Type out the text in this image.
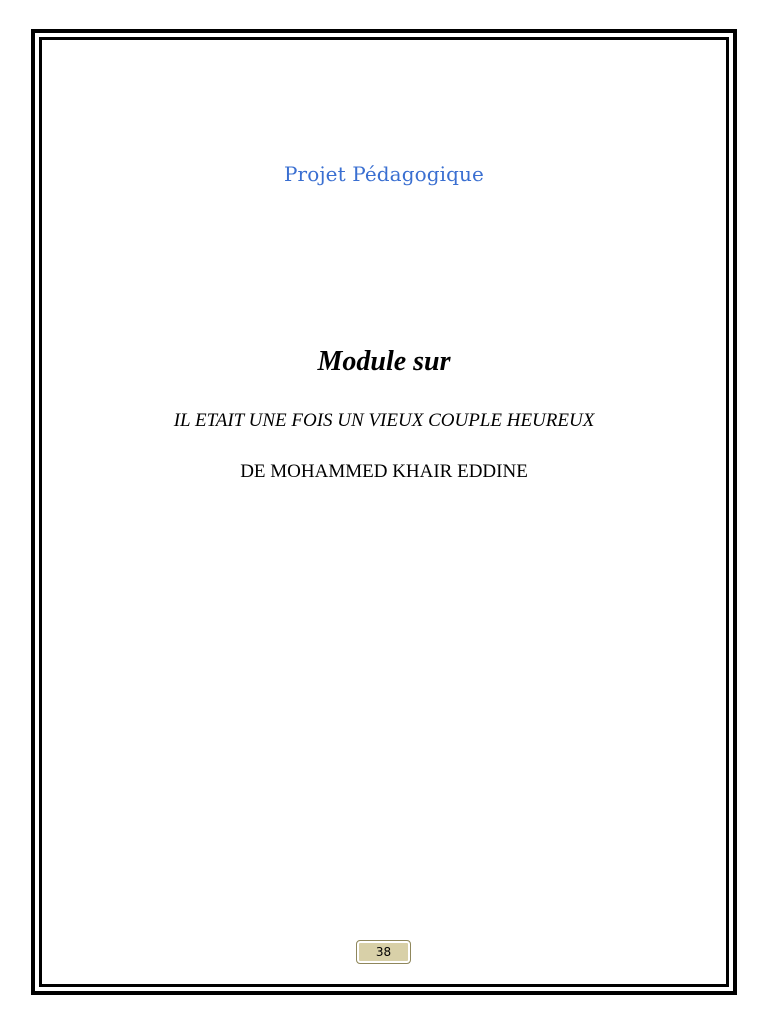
Projet Pédagogique
Module sur
IL ETAIT UNE FOIS UN VIEUX COUPLE HEUREUX
DE MOHAMMED KHAIR EDDINE
38
